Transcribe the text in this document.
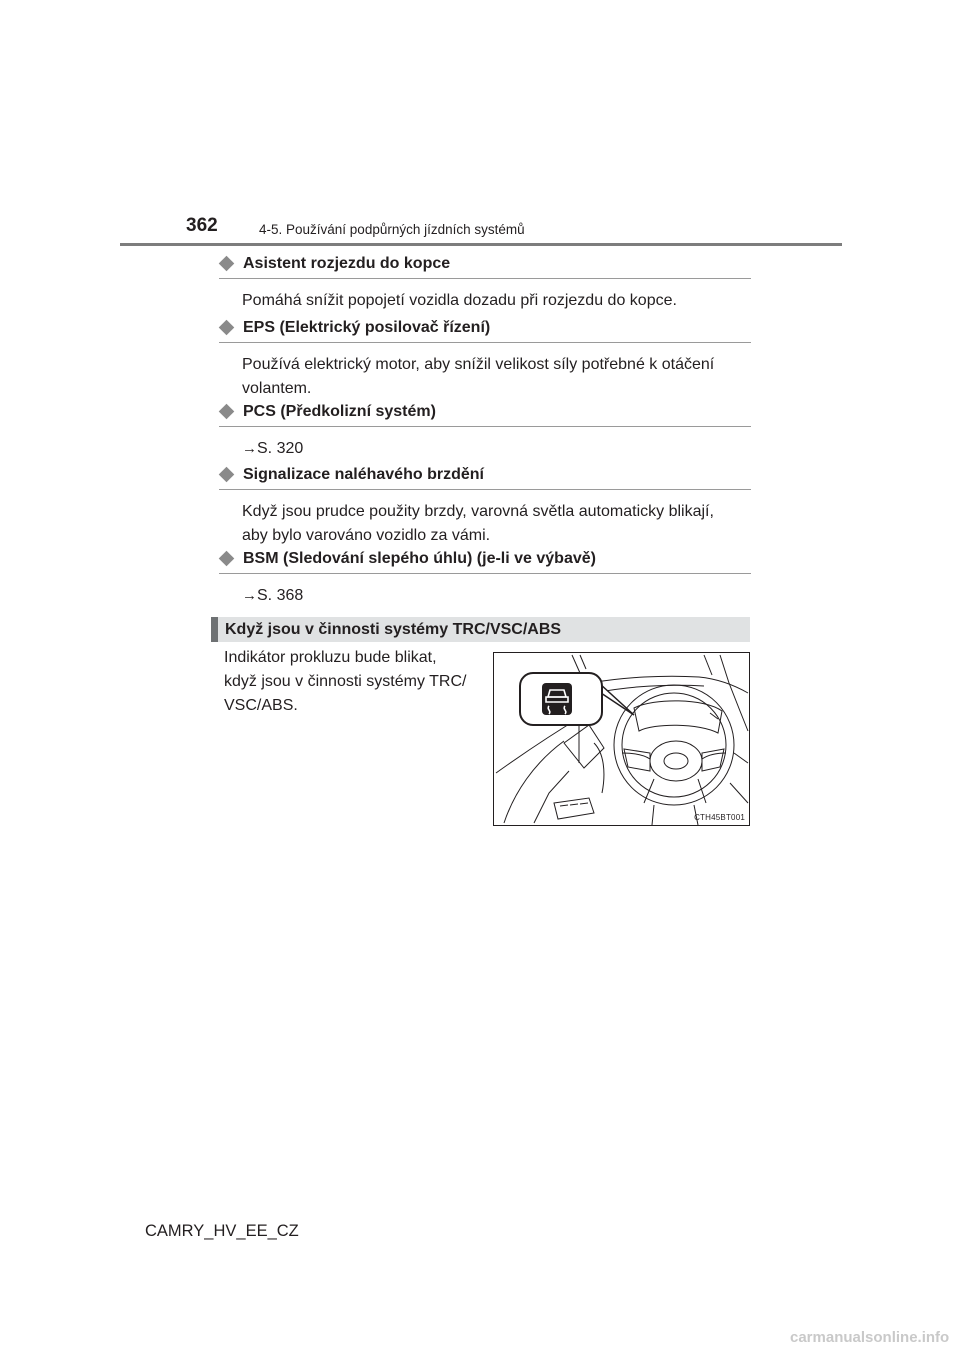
362	4-5. Používání podpůrných jízdních systémů
Asistent rozjezdu do kopce
Pomáhá snížit popojetí vozidla dozadu při rozjezdu do kopce.
EPS (Elektrický posilovač řízení)
Používá elektrický motor, aby snížil velikost síly potřebné k otáčení
volantem.
PCS (Předkolizní systém)
→S. 320
Signalizace naléhavého brzdění
Když jsou prudce použity brzdy, varovná světla automaticky blikají,
aby bylo varováno vozidlo za vámi.
BSM (Sledování slepého úhlu) (je-li ve výbavě)
→S. 368
Když jsou v činnosti systémy TRC/VSC/ABS
Indikátor prokluzu bude blikat,
když jsou v činnosti systémy TRC/
VSC/ABS.
CTH45BT001
CAMRY_HV_EE_CZ
carmanualsonline.info
